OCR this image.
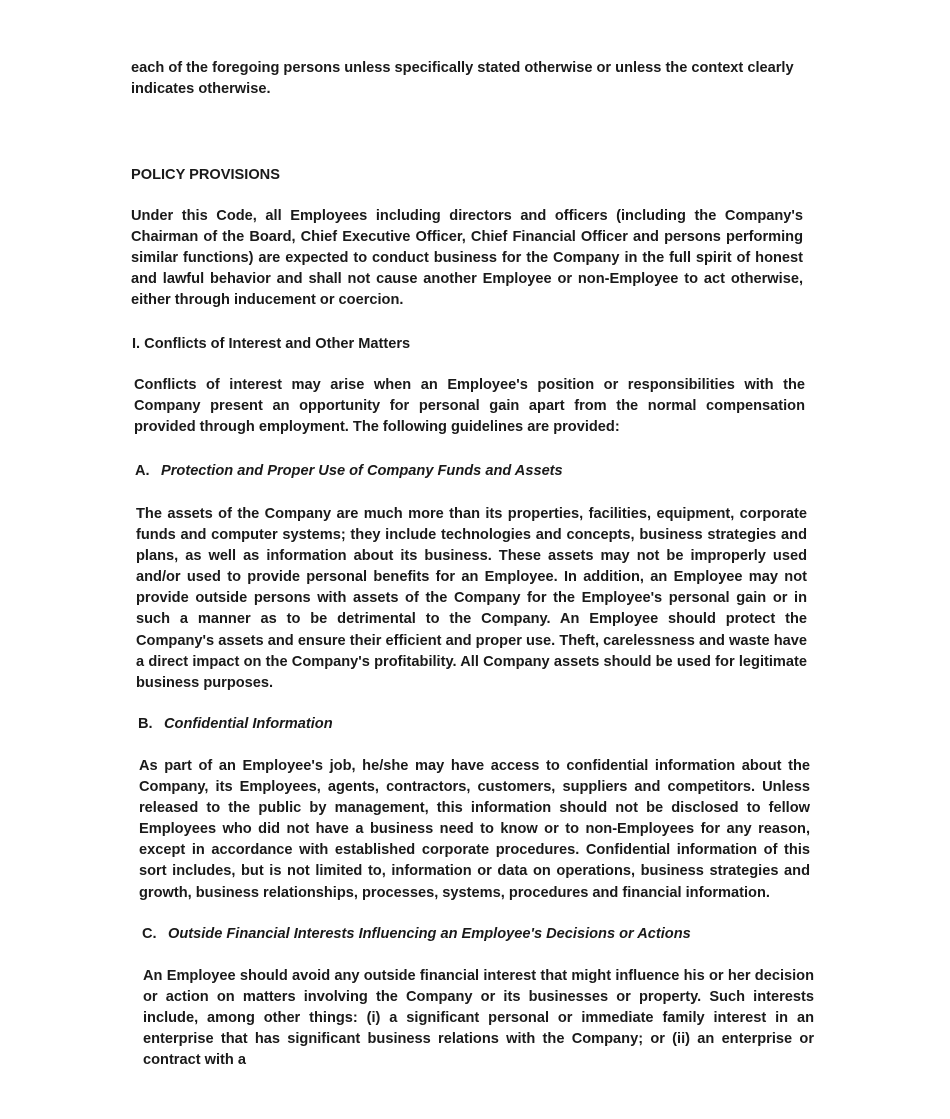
each of the foregoing persons unless specifically stated otherwise or unless the context clearly indicates otherwise.

POLICY PROVISIONS

Under this Code, all Employees including directors and officers (including the Company's Chairman of the Board, Chief Executive Officer, Chief Financial Officer and persons performing similar functions) are expected to conduct business for the Company in the full spirit of honest and lawful behavior and shall not cause another Employee or non-Employee to act otherwise, either through inducement or coercion.

I. Conflicts of Interest and Other Matters

Conflicts of interest may arise when an Employee's position or responsibilities with the Company present an opportunity for personal gain apart from the normal compensation provided through employment. The following guidelines are provided:

A. Protection and Proper Use of Company Funds and Assets

The assets of the Company are much more than its properties, facilities, equipment, corporate funds and computer systems; they include technologies and concepts, business strategies and plans, as well as information about its business. These assets may not be improperly used and/or used to provide personal benefits for an Employee. In addition, an Employee may not provide outside persons with assets of the Company for the Employee's personal gain or in such a manner as to be detrimental to the Company. An Employee should protect the Company's assets and ensure their efficient and proper use. Theft, carelessness and waste have a direct impact on the Company's profitability. All Company assets should be used for legitimate business purposes.

B. Confidential Information

As part of an Employee's job, he/she may have access to confidential information about the Company, its Employees, agents, contractors, customers, suppliers and competitors. Unless released to the public by management, this information should not be disclosed to fellow Employees who did not have a business need to know or to non-Employees for any reason, except in accordance with established corporate procedures. Confidential information of this sort includes, but is not limited to, information or data on operations, business strategies and growth, business relationships, processes, systems, procedures and financial information.

C. Outside Financial Interests Influencing an Employee's Decisions or Actions

An Employee should avoid any outside financial interest that might influence his or her decision or action on matters involving the Company or its businesses or property. Such interests include, among other things: (i) a significant personal or immediate family interest in an enterprise that has significant business relations with the Company; or (ii) an enterprise or contract with a
